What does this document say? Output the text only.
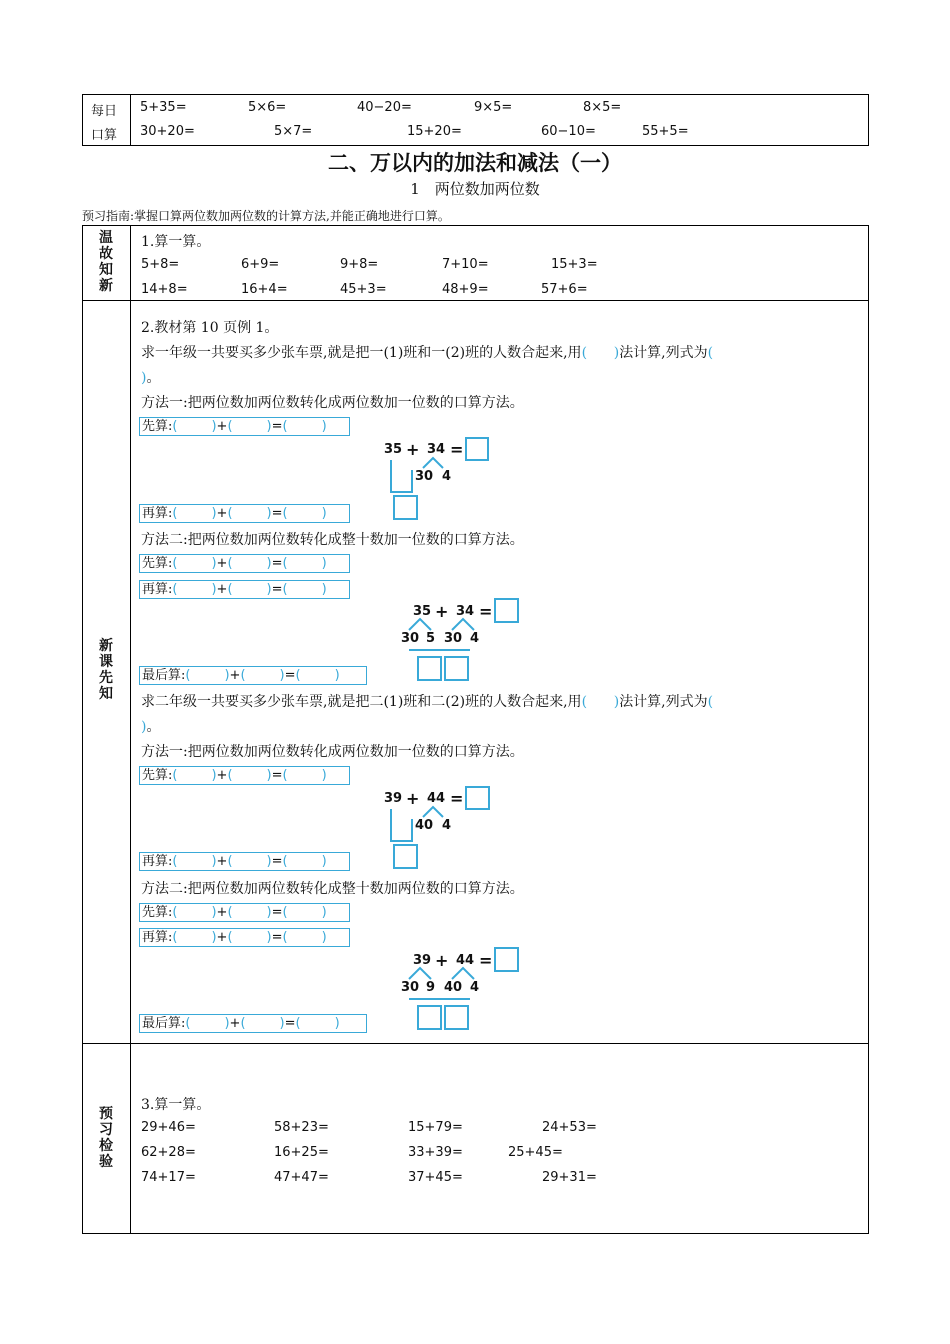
每日
口算
5+35=	5×6=	40−20=	9×5=	8×5=
30+20=	5×7=	15+20=	60−10=	55+5=
二、万以内的加法和减法（一）
1　两位数加两位数
预习指南:掌握口算两位数加两位数的计算方法,并能正确地进行口算。
温故知新
1.算一算。
5+8=	6+9=	9+8=	7+10=	15+3=
14+8=	16+4=	45+3=	48+9=	57+6=
新课先知
2.教材第 10 页例 1。
求一年级一共要买多少张车票,就是把一(1)班和一(2)班的人数合起来,用(      )法计算,列式为(
)。
方法一:把两位数加两位数转化成两位数加一位数的口算方法。
先算:(	)+(	)=(	)
35 + 34 =
30 4
再算:(	)+(	)=(	)
方法二:把两位数加两位数转化成整十数加一位数的口算方法。
先算:(	)+(	)=(	)
再算:(	)+(	)=(	)
35 + 34 =
30 5 30 4
最后算:(	)+(	)=(	)
求二年级一共要买多少张车票,就是把二(1)班和二(2)班的人数合起来,用(      )法计算,列式为(
)。
方法一:把两位数加两位数转化成两位数加一位数的口算方法。
先算:(	)+(	)=(	)
39 + 44 =
40 4
再算:(	)+(	)=(	)
方法二:把两位数加两位数转化成整十数加两位数的口算方法。
先算:(	)+(	)=(	)
再算:(	)+(	)=(	)
39 + 44 =
30 9 40 4
最后算:(	)+(	)=(	)
预习检验
3.算一算。
29+46=	58+23=	15+79=	24+53=
62+28=	16+25=	33+39=	25+45=
74+17=	47+47=	37+45=	29+31=
